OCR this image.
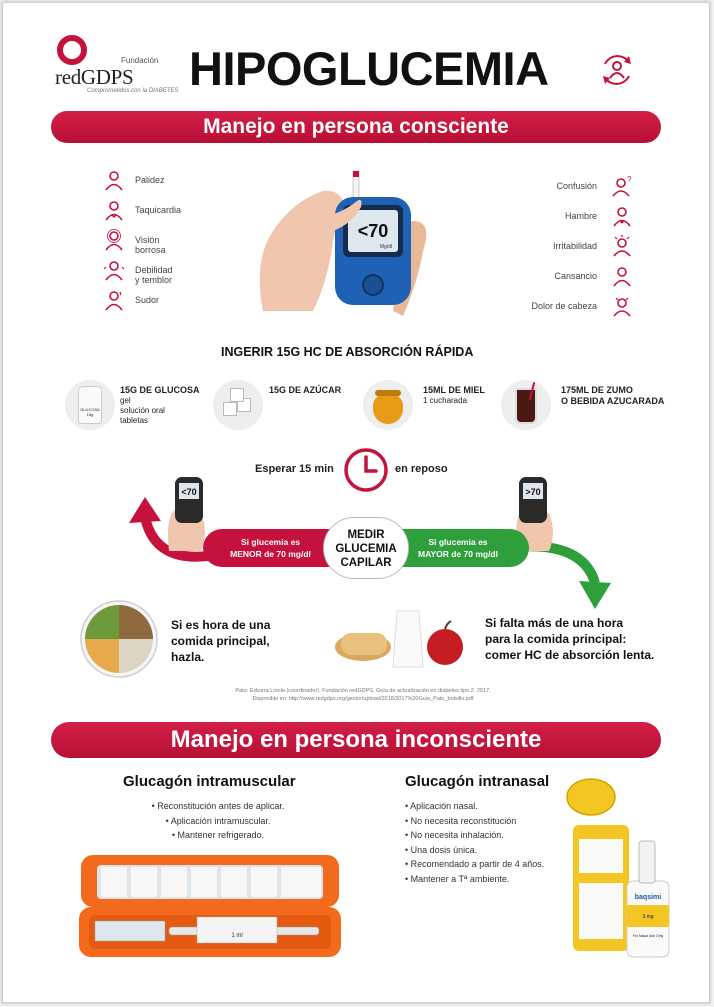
Fundación
redGDPS
Comprometidos con la DIABETES HIPOGLUCEMIA
Manejo en persona consciente
Palidez
Taquicardia
Visión borrosa
Debilidad y temblor
Sudor
Confusión
?
Hambre
Irritabilidad
Cansancio
Dolor de cabeza
<70
Mg/dl
INGERIR 15G HC DE ABSORCIÓN RÁPIDA
GLUCOSA 15g
15G DE GLUCOSA
gel
solución oral
tabletas
15G DE AZÚCAR	15ML DE MIEL
1 cucharada
175ML DE ZUMO
O BEBIDA AZUCARADA
Esperar 15 min	en reposo
<70	>70
Si glucemia es
MENOR de 70 mg/dl
Si glucemia es
MAYOR de 70 mg/dl
MEDIR
GLUCEMIA
CAPILAR
Si es hora de una
comida principal,
hazla.
Si falta más de una hora
para la comida principal:
comer HC de absorción lenta.
Pato: Ezkurra Loiola (coordinador). Fundación redGDPS. Guía de actualización en diabetes tipo 2. 2017.
Disponible en: http://www.redgdps.org/gestor/upload/2018/2017%20Guia_Pato_bolsillo.pdf
Manejo en persona inconsciente
Glucagón intramuscular
• Reconstitución antes de aplicar.
• Aplicación intramuscular.
• Mantener refrigerado.
Glucagón intranasal
• Aplicación nasal.
• No necesita reconstitución
• No necesita inhalación.
• Una dosis única.
• Recomendado a partir de 4 años.
• Mantener a Tª ambiente.
1 ml
baqsimi
3 mg
For Nasal Use Only
